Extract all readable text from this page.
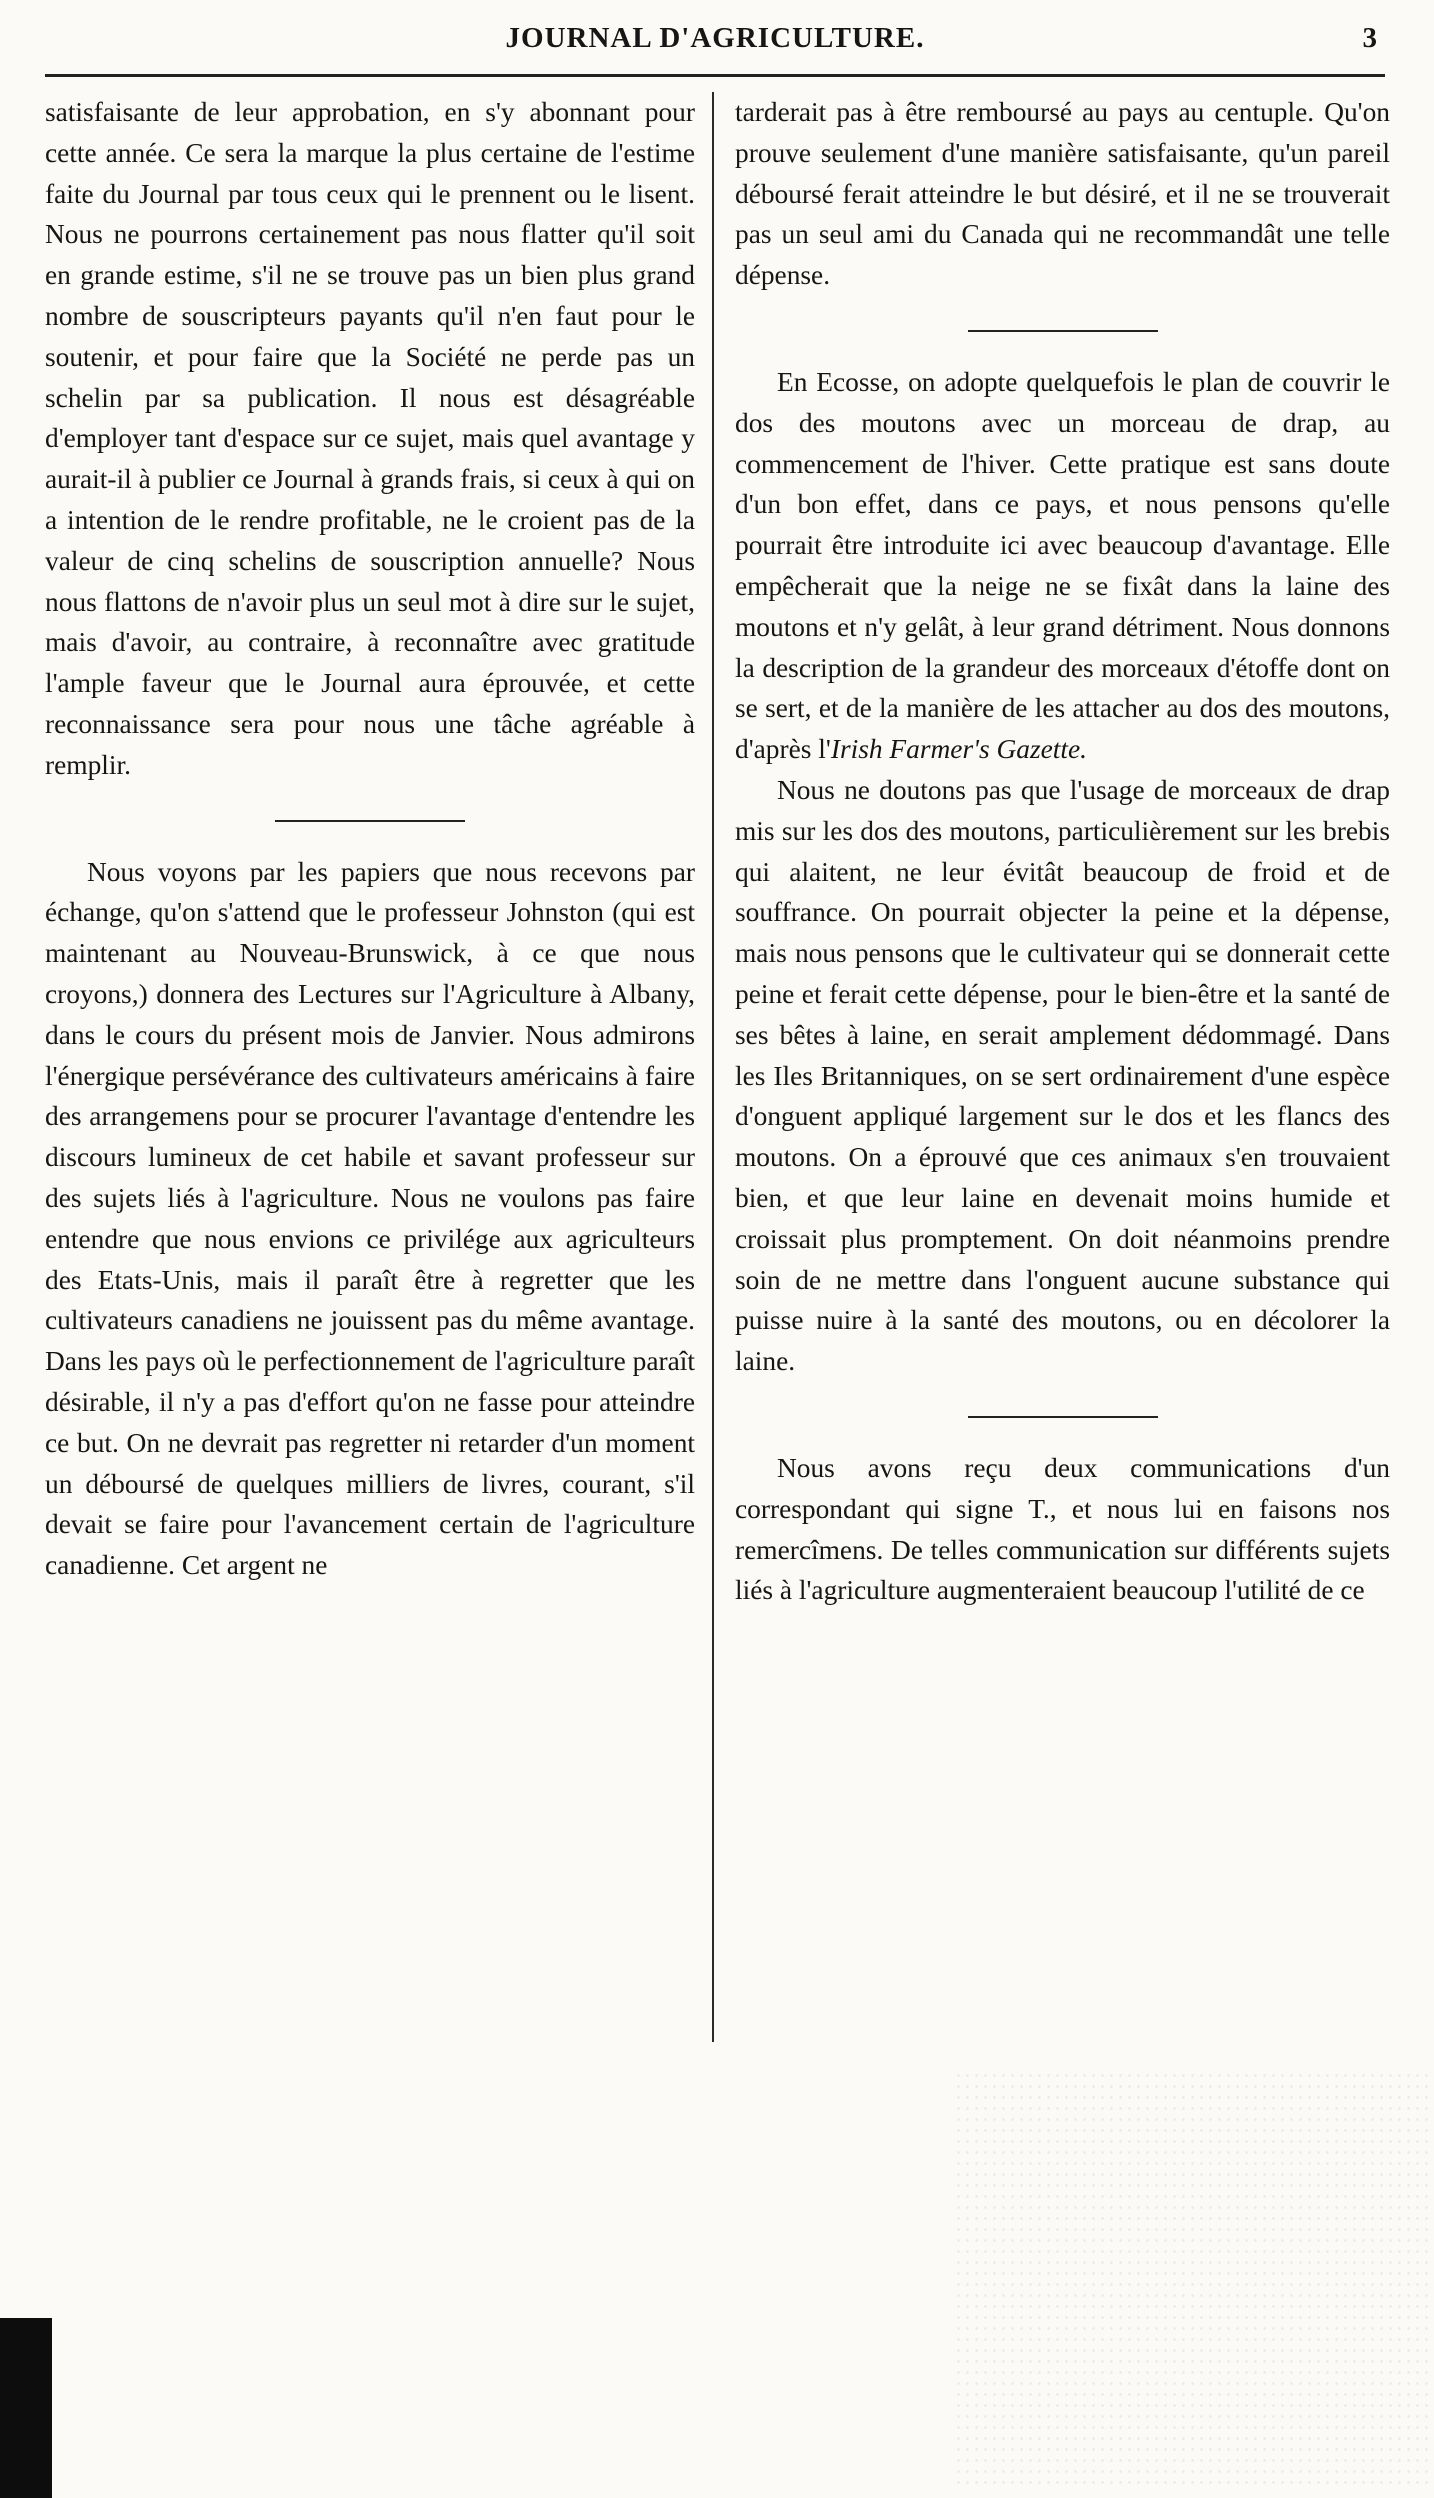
JOURNAL D'AGRICULTURE.	3

satisfaisante de leur approbation, en s'y abonnant pour cette année. Ce sera la marque la plus certaine de l'estime faite du Journal par tous ceux qui le prennent ou le lisent. Nous ne pourrons certainement pas nous flatter qu'il soit en grande estime, s'il ne se trouve pas un bien plus grand nombre de souscripteurs payants qu'il n'en faut pour le soutenir, et pour faire que la Société ne perde pas un schelin par sa publication. Il nous est désagréable d'employer tant d'espace sur ce sujet, mais quel avantage y aurait-il à publier ce Journal à grands frais, si ceux à qui on a intention de le rendre profitable, ne le croient pas de la valeur de cinq schelins de souscription annuelle? Nous nous flattons de n'avoir plus un seul mot à dire sur le sujet, mais d'avoir, au contraire, à reconnaître avec gratitude l'ample faveur que le Journal aura éprouvée, et cette reconnaissance sera pour nous une tâche agréable à remplir.

Nous voyons par les papiers que nous recevons par échange, qu'on s'attend que le professeur Johnston (qui est maintenant au Nouveau-Brunswick, à ce que nous croyons,) donnera des Lectures sur l'Agriculture à Albany, dans le cours du présent mois de Janvier. Nous admirons l'énergique persévérance des cultivateurs américains à faire des arrangemens pour se procurer l'avantage d'entendre les discours lumineux de cet habile et savant professeur sur des sujets liés à l'agriculture. Nous ne voulons pas faire entendre que nous envions ce privilége aux agriculteurs des Etats-Unis, mais il paraît être à regretter que les cultivateurs canadiens ne jouissent pas du même avantage. Dans les pays où le perfectionnement de l'agriculture paraît désirable, il n'y a pas d'effort qu'on ne fasse pour atteindre ce but. On ne devrait pas regretter ni retarder d'un moment un déboursé de quelques milliers de livres, courant, s'il devait se faire pour l'avancement certain de l'agriculture canadienne. Cet argent ne

tarderait pas à être remboursé au pays au centuple. Qu'on prouve seulement d'une manière satisfaisante, qu'un pareil déboursé ferait atteindre le but désiré, et il ne se trouverait pas un seul ami du Canada qui ne recommandât une telle dépense.

En Ecosse, on adopte quelquefois le plan de couvrir le dos des moutons avec un morceau de drap, au commencement de l'hiver. Cette pratique est sans doute d'un bon effet, dans ce pays, et nous pensons qu'elle pourrait être introduite ici avec beaucoup d'avantage. Elle empêcherait que la neige ne se fixât dans la laine des moutons et n'y gelât, à leur grand détriment. Nous donnons la description de la grandeur des morceaux d'étoffe dont on se sert, et de la manière de les attacher au dos des moutons, d'après l'Irish Farmer's Gazette.

Nous ne doutons pas que l'usage de morceaux de drap mis sur les dos des moutons, particulièrement sur les brebis qui alaitent, ne leur évitât beaucoup de froid et de souffrance. On pourrait objecter la peine et la dépense, mais nous pensons que le cultivateur qui se donnerait cette peine et ferait cette dépense, pour le bien-être et la santé de ses bêtes à laine, en serait amplement dédommagé. Dans les Iles Britanniques, on se sert ordinairement d'une espèce d'onguent appliqué largement sur le dos et les flancs des moutons. On a éprouvé que ces animaux s'en trouvaient bien, et que leur laine en devenait moins humide et croissait plus promptement. On doit néanmoins prendre soin de ne mettre dans l'onguent aucune substance qui puisse nuire à la santé des moutons, ou en décolorer la laine.

Nous avons reçu deux communications d'un correspondant qui signe T., et nous lui en faisons nos remercîmens. De telles communication sur différents sujets liés à l'agriculture augmenteraient beaucoup l'utilité de ce
